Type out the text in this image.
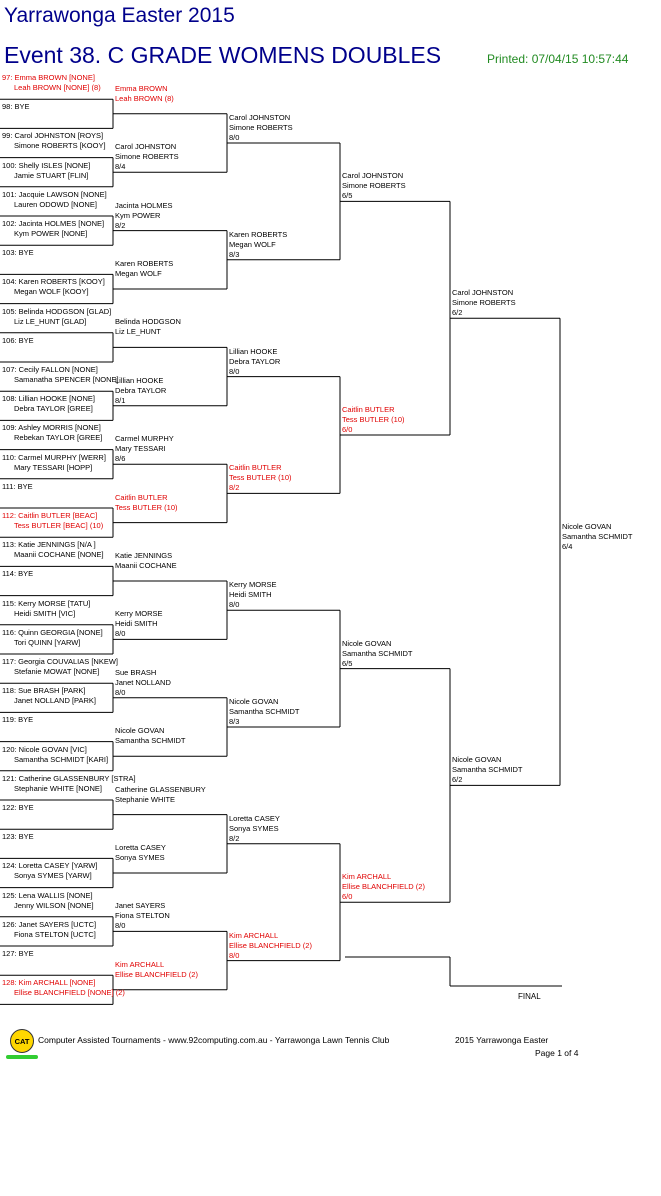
Yarrawonga Easter 2015
Event 38. C GRADE WOMENS DOUBLES	Printed: 07/04/15 10:57:44
97: Emma BROWN [NONE]
Leah BROWN [NONE] (8)
98: BYE
99: Carol JOHNSTON [ROYS]
Simone ROBERTS [KOOY]
100: Shelly ISLES [NONE]
Jamie STUART [FLIN]
101: Jacquie LAWSON [NONE]
Lauren ODOWD [NONE]
102: Jacinta HOLMES [NONE]
Kym POWER [NONE]
103: BYE
104: Karen ROBERTS [KOOY]
Megan WOLF [KOOY]
105: Belinda HODGSON [GLAD]
Liz LE_HUNT [GLAD]
106: BYE
107: Cecily FALLON [NONE]
Samanatha SPENCER [NONE]
108: Lillian HOOKE [NONE]
Debra TAYLOR [GREE]
109: Ashley MORRIS [NONE]
Rebekan TAYLOR [GREE]
110: Carmel MURPHY [WERR]
Mary TESSARI [HOPP]
111: BYE
112: Caitlin BUTLER [BEAC]
Tess BUTLER [BEAC] (10)
113: Katie JENNINGS [N/A ]
Maanii COCHANE [NONE]
114: BYE
115: Kerry MORSE [TATU]
Heidi SMITH [VIC]
116: Quinn GEORGIA [NONE]
Tori QUINN [YARW]
117: Georgia COUVALIAS [NKEW]
Stefanie MOWAT [NONE]
118: Sue BRASH [PARK]
Janet NOLLAND [PARK]
119: BYE
120: Nicole GOVAN [VIC]
Samantha SCHMIDT [KARI]
121: Catherine GLASSENBURY [STRA]
Stephanie WHITE [NONE]
122: BYE
123: BYE
124: Loretta CASEY [YARW]
Sonya SYMES [YARW]
125: Lena WALLIS [NONE]
Jenny WILSON [NONE]
126: Janet SAYERS [UCTC]
Fiona STELTON [UCTC]
127: BYE
128: Kim ARCHALL [NONE]
Ellise BLANCHFIELD [NONE] (2)
Emma BROWN
Leah BROWN (8)
Carol JOHNSTON
Simone ROBERTS
8/4
Jacinta HOLMES
Kym POWER
8/2
Karen ROBERTS
Megan WOLF
Belinda HODGSON
Liz LE_HUNT
Lillian HOOKE
Debra TAYLOR
8/1
Carmel MURPHY
Mary TESSARI
8/6
Caitlin BUTLER
Tess BUTLER (10)
Katie JENNINGS
Maanii COCHANE
Kerry MORSE
Heidi SMITH
8/0
Sue BRASH
Janet NOLLAND
8/0
Nicole GOVAN
Samantha SCHMIDT
Catherine GLASSENBURY
Stephanie WHITE
Loretta CASEY
Sonya SYMES
Janet SAYERS
Fiona STELTON
8/0
Kim ARCHALL
Ellise BLANCHFIELD (2)
Carol JOHNSTON
Simone ROBERTS
8/0
Karen ROBERTS
Megan WOLF
8/3
Lillian HOOKE
Debra TAYLOR
8/0
Caitlin BUTLER
Tess BUTLER (10)
8/2
Kerry MORSE
Heidi SMITH
8/0
Nicole GOVAN
Samantha SCHMIDT
8/3
Loretta CASEY
Sonya SYMES
8/2
Kim ARCHALL
Ellise BLANCHFIELD (2)
8/0
Carol JOHNSTON
Simone ROBERTS
6/5
Caitlin BUTLER
Tess BUTLER (10)
6/0
Nicole GOVAN
Samantha SCHMIDT
6/5
Kim ARCHALL
Ellise BLANCHFIELD (2)
6/0
Carol JOHNSTON
Simone ROBERTS
6/2
Nicole GOVAN
Samantha SCHMIDT
6/2
Nicole GOVAN
Samantha SCHMIDT
6/4
FINAL
CAT	Computer Assisted Tournaments - www.92computing.com.au - Yarrawonga Lawn Tennis Club	2015 Yarrawonga Easter
Page 1 of 4
